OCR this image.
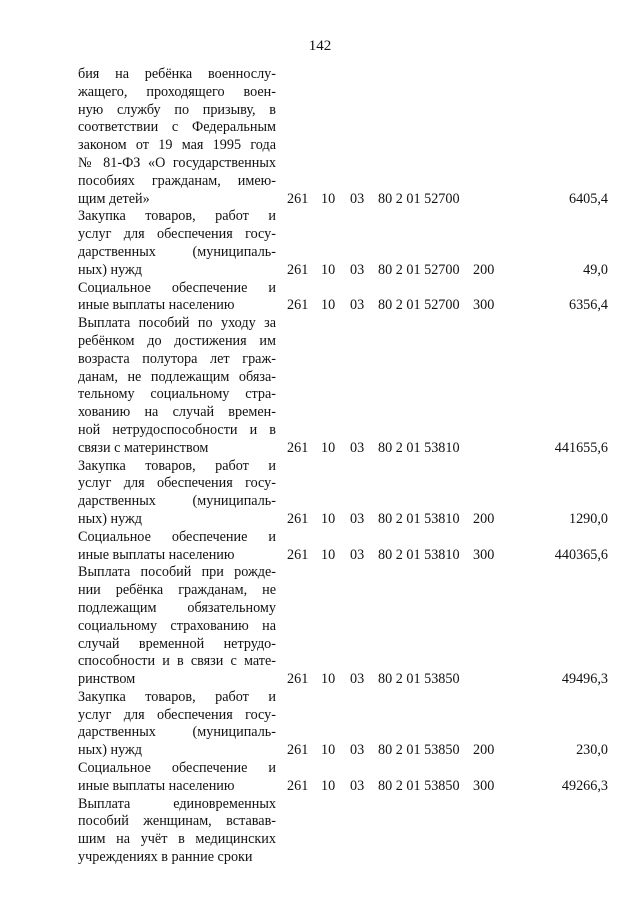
142
бия на ребёнка военнослу-
жащего, проходящего воен-
ную службу по призыву, в
соответствии с Федеральным
законом от 19 мая 1995 года
№ 81-ФЗ «О государственных
пособиях гражданам, имею-
щим детей»	261 10 03 80 2 01 52700	6405,4
Закупка товаров, работ и
услуг для обеспечения госу-
дарственных (муниципаль-
ных) нужд	261 10 03 80 2 01 52700 200	49,0
Социальное обеспечение и
иные выплаты населению	261 10 03 80 2 01 52700 300	6356,4
Выплата пособий по уходу за
ребёнком до достижения им
возраста полутора лет граж-
данам, не подлежащим обяза-
тельному социальному стра-
хованию на случай времен-
ной нетрудоспособности и в
связи с материнством	261 10 03 80 2 01 53810	441655,6
Закупка товаров, работ и
услуг для обеспечения госу-
дарственных (муниципаль-
ных) нужд	261 10 03 80 2 01 53810 200	1290,0
Социальное обеспечение и
иные выплаты населению	261 10 03 80 2 01 53810 300	440365,6
Выплата пособий при рожде-
нии ребёнка гражданам, не
подлежащим обязательному
социальному страхованию на
случай временной нетрудо-
способности и в связи с мате-
ринством	261 10 03 80 2 01 53850	49496,3
Закупка товаров, работ и
услуг для обеспечения госу-
дарственных (муниципаль-
ных) нужд	261 10 03 80 2 01 53850 200	230,0
Социальное обеспечение и
иные выплаты населению	261 10 03 80 2 01 53850 300	49266,3
Выплата единовременных
пособий женщинам, вставав-
шим на учёт в медицинских
учреждениях в ранние сроки
